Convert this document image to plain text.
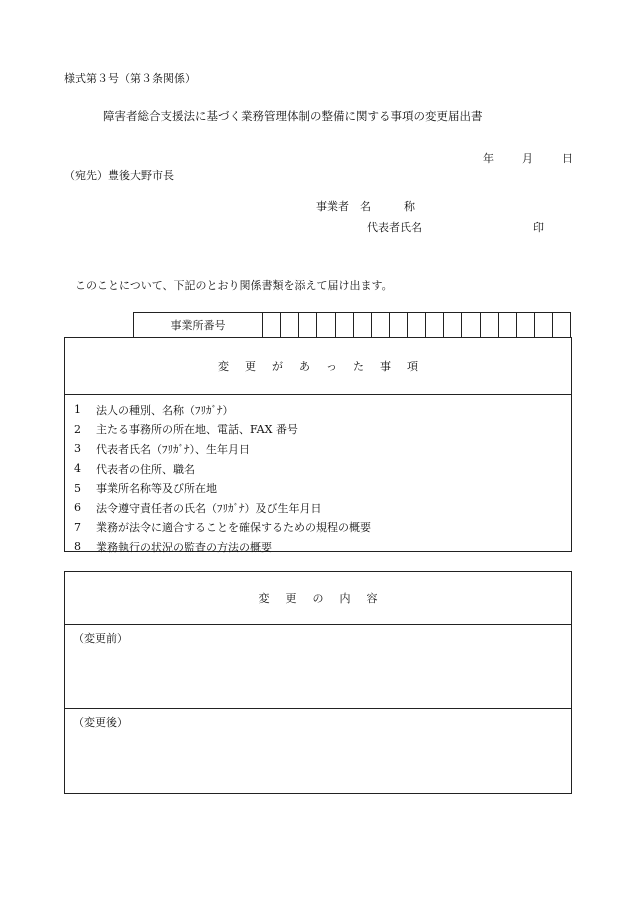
様式第３号（第３条関係）
障害者総合支援法に基づく業務管理体制の整備に関する事項の変更届出書
年	月	日
（宛先）豊後大野市長
事業者　名　　　称
代表者氏名	印
このことについて、下記のとおり関係書類を添えて届け出ます。
事業所番号
変 更 が あ っ た 事 項
1	法人の種別、名称（ﾌﾘｶﾞﾅ）
2	主たる事務所の所在地、電話、FAX 番号
3	代表者氏名（ﾌﾘｶﾞﾅ）、生年月日
4	代表者の住所、職名
5	事業所名称等及び所在地
6	法令遵守責任者の氏名（ﾌﾘｶﾞﾅ）及び生年月日
7	業務が法令に適合することを確保するための規程の概要
8	業務執行の状況の監査の方法の概要
変 更 の 内 容
（変更前）
（変更後）
